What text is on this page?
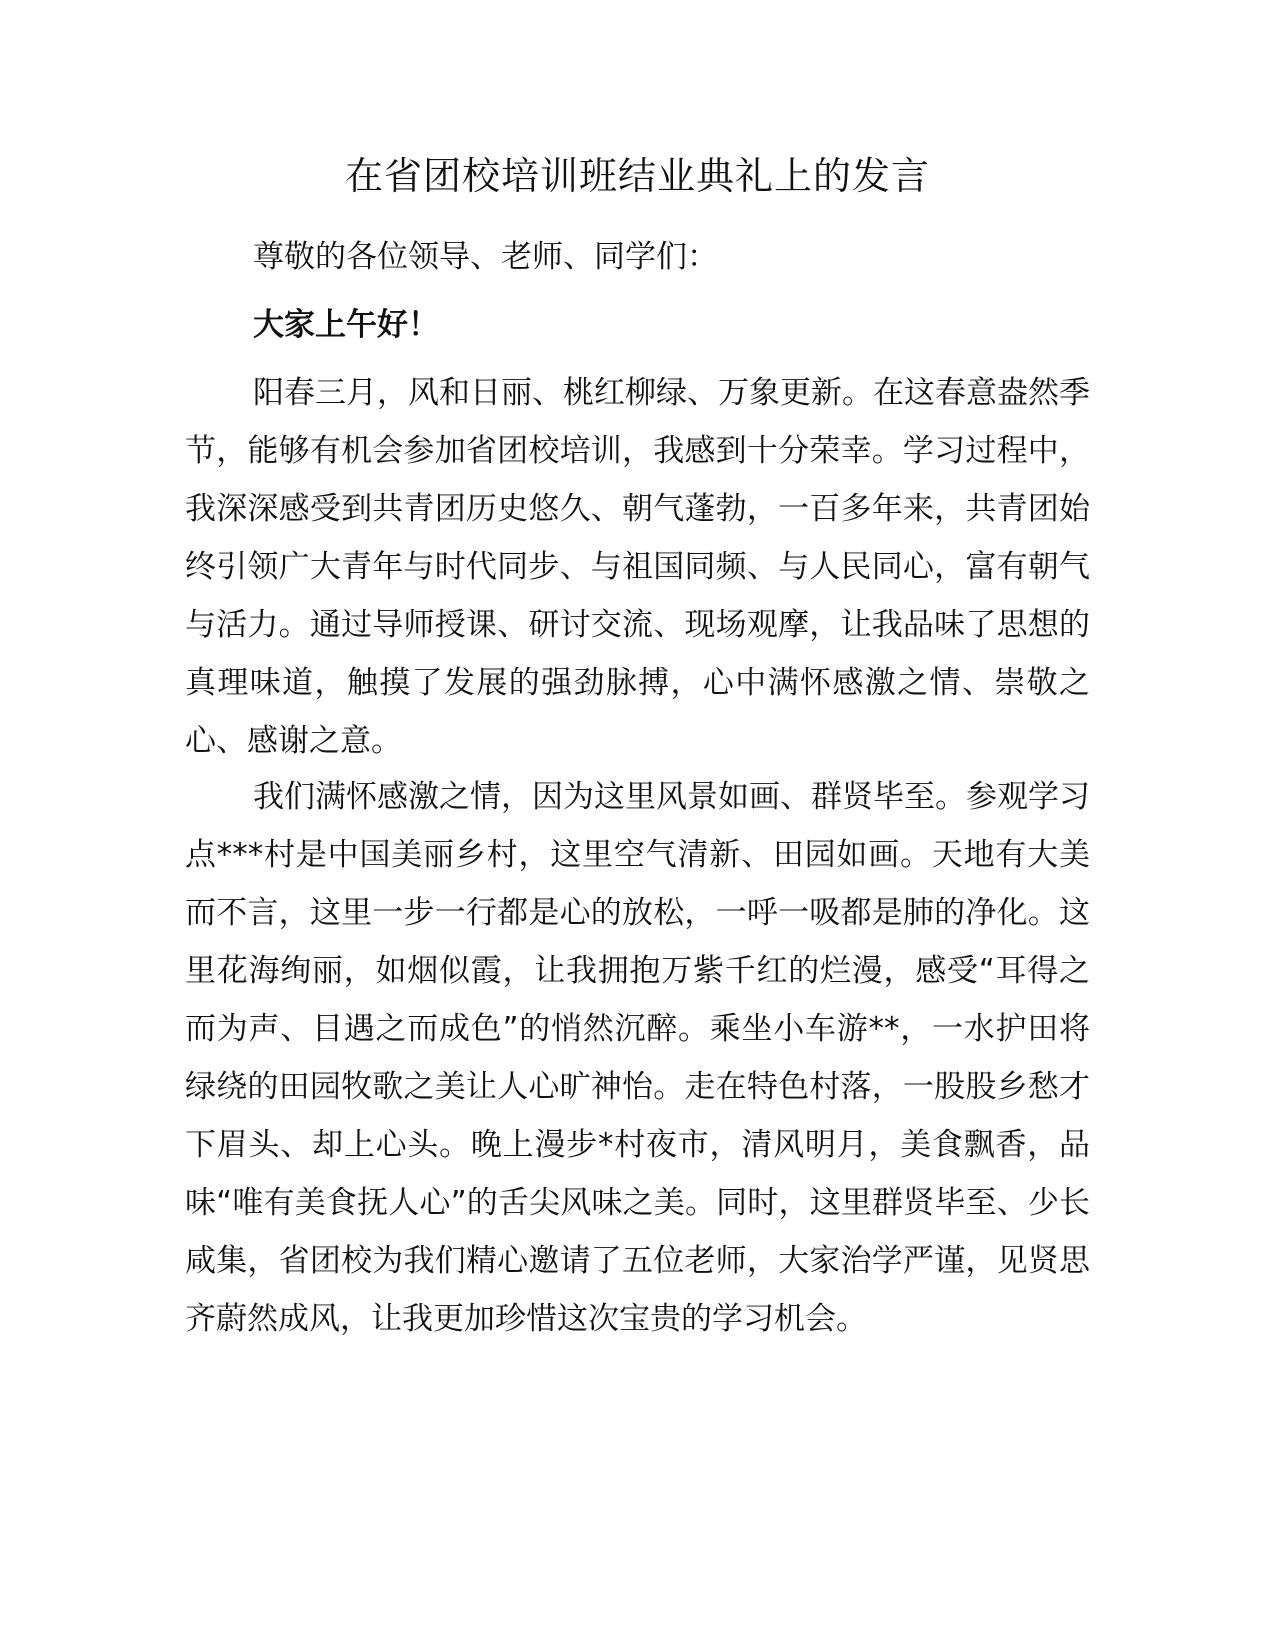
在省团校培训班结业典礼上的发言

尊敬的各位领导、老师、同学们：

大家上午好！

阳春三月，风和日丽、桃红柳绿、万象更新。在这春意盎然季节，能够有机会参加省团校培训，我感到十分荣幸。学习过程中，我深深感受到共青团历史悠久、朝气蓬勃，一百多年来，共青团始终引领广大青年与时代同步、与祖国同频、与人民同心，富有朝气与活力。通过导师授课、研讨交流、现场观摩，让我品味了思想的真理味道，触摸了发展的强劲脉搏，心中满怀感激之情、崇敬之心、感谢之意。

我们满怀感激之情，因为这里风景如画、群贤毕至。参观学习点***村是中国美丽乡村，这里空气清新、田园如画。天地有大美而不言，这里一步一行都是心的放松，一呼一吸都是肺的净化。这里花海绚丽，如烟似霞，让我拥抱万紫千红的烂漫，感受“耳得之而为声、目遇之而成色”的悄然沉醉。乘坐小车游**，一水护田将绿绕的田园牧歌之美让人心旷神怡。走在特色村落，一股股乡愁才下眉头、却上心头。晚上漫步*村夜市，清风明月，美食飘香，品味“唯有美食抚人心”的舌尖风味之美。同时，这里群贤毕至、少长咸集，省团校为我们精心邀请了五位老师，大家治学严谨，见贤思齐蔚然成风，让我更加珍惜这次宝贵的学习机会。
